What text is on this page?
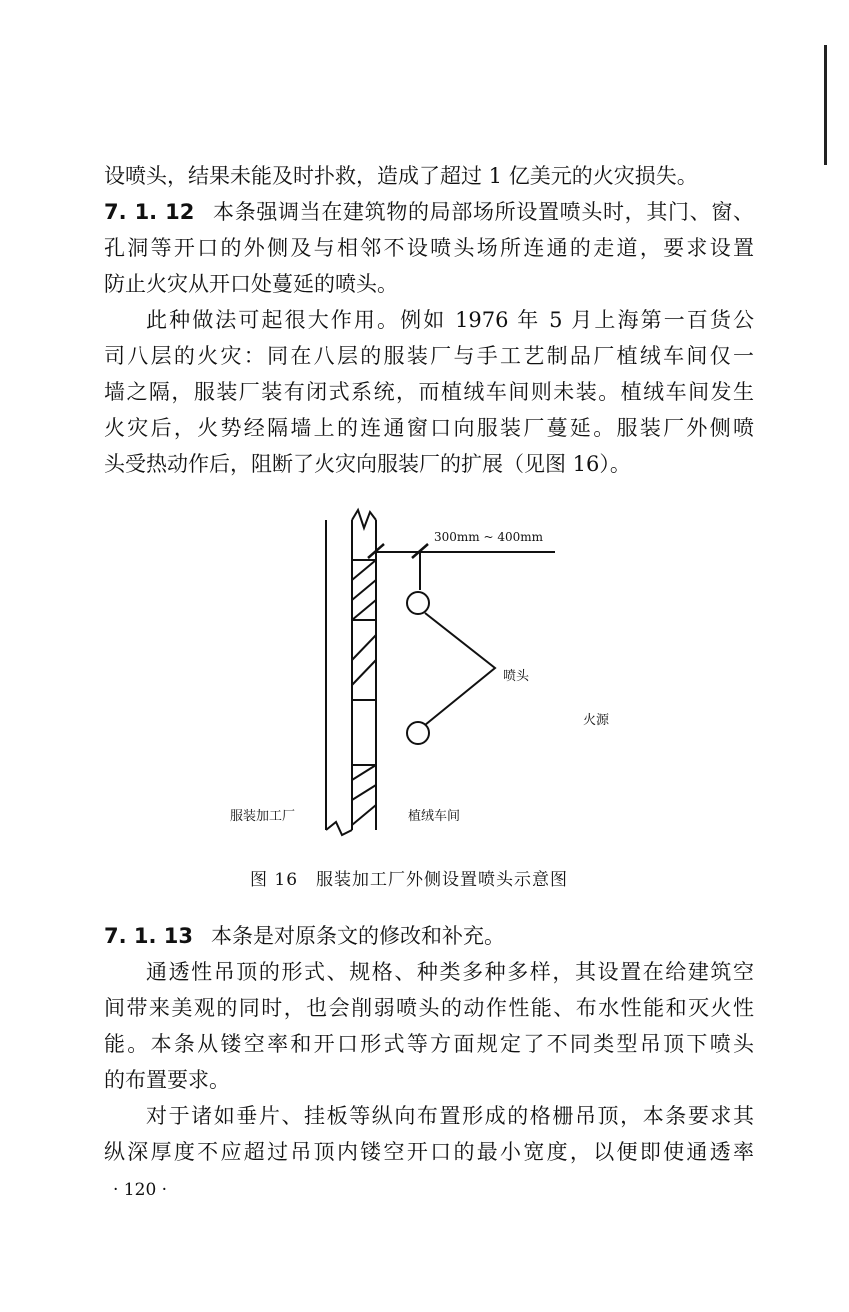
设喷头，结果未能及时扑救，造成了超过 1 亿美元的火灾损失。

7. 1. 12 本条强调当在建筑物的局部场所设置喷头时，其门、窗、
孔洞等开口的外侧及与相邻不设喷头场所连通的走道，要求设置
防止火灾从开口处蔓延的喷头。

此种做法可起很大作用。例如 1976 年 5 月上海第一百货公
司八层的火灾：同在八层的服装厂与手工艺制品厂植绒车间仅一
墙之隔，服装厂装有闭式系统，而植绒车间则未装。植绒车间发生
火灾后，火势经隔墙上的连通窗口向服装厂蔓延。服装厂外侧喷
头受热动作后，阻断了火灾向服装厂的扩展（见图 16）。

300mm ~ 400mm
喷头
火源
服装加工厂	植绒车间
图 16　服装加工厂外侧设置喷头示意图

7. 1. 13 本条是对原条文的修改和补充。

通透性吊顶的形式、规格、种类多种多样，其设置在给建筑空
间带来美观的同时，也会削弱喷头的动作性能、布水性能和灭火性
能。本条从镂空率和开口形式等方面规定了不同类型吊顶下喷头
的布置要求。

对于诸如垂片、挂板等纵向布置形成的格栅吊顶，本条要求其
纵深厚度不应超过吊顶内镂空开口的最小宽度，以便即使通透率

· 120 ·
